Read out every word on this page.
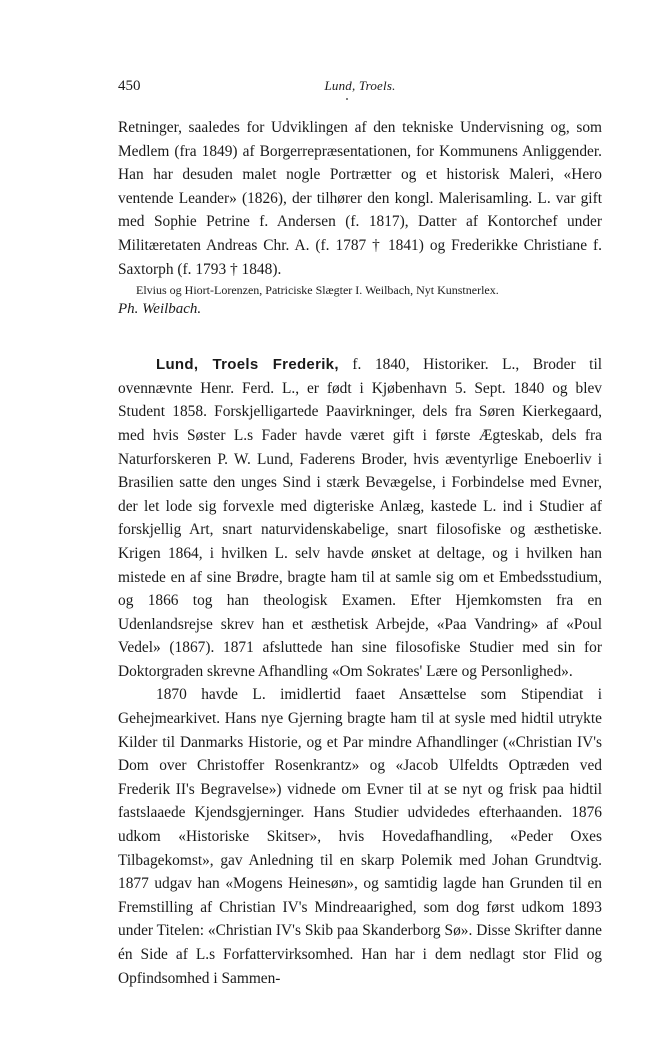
450	Lund, Troels.

Retninger, saaledes for Udviklingen af den tekniske Undervisning og, som Medlem (fra 1849) af Borgerrepræsentationen, for Kommunens Anliggender. Han har desuden malet nogle Portrætter og et historisk Maleri, «Hero ventende Leander» (1826), der tilhører den kongl. Malerisamling. L. var gift med Sophie Petrine f. Andersen (f. 1817), Datter af Kontorchef under Militæretaten Andreas Chr. A. (f. 1787 † 1841) og Frederikke Christiane f. Saxtorph (f. 1793 † 1848).

Elvius og Hiort-Lorenzen, Patriciske Slægter I. Weilbach, Nyt Kunstnerlex.

Ph. Weilbach.

Lund, Troels Frederik, f. 1840, Historiker. L., Broder til ovennævnte Henr. Ferd. L., er født i Kjøbenhavn 5. Sept. 1840 og blev Student 1858. Forskjelligartede Paavirkninger, dels fra Søren Kierkegaard, med hvis Søster L.s Fader havde været gift i første Ægteskab, dels fra Naturforskeren P. W. Lund, Faderens Broder, hvis æventyrlige Eneboerliv i Brasilien satte den unges Sind i stærk Bevægelse, i Forbindelse med Evner, der let lode sig forvexle med digteriske Anlæg, kastede L. ind i Studier af forskjellig Art, snart naturvidenskabelige, snart filosofiske og æsthetiske. Krigen 1864, i hvilken L. selv havde ønsket at deltage, og i hvilken han mistede en af sine Brødre, bragte ham til at samle sig om et Embedsstudium, og 1866 tog han theologisk Examen. Efter Hjemkomsten fra en Udenlandsrejse skrev han et æsthetisk Arbejde, «Paa Vandring» af «Poul Vedel» (1867). 1871 afsluttede han sine filosofiske Studier med sin for Doktorgraden skrevne Afhandling «Om Sokrates' Lære og Personlighed».

1870 havde L. imidlertid faaet Ansættelse som Stipendiat i Gehejmearkivet. Hans nye Gjerning bragte ham til at sysle med hidtil utrykte Kilder til Danmarks Historie, og et Par mindre Afhandlinger («Christian IV's Dom over Christoffer Rosenkrantz» og «Jacob Ulfeldts Optræden ved Frederik II's Begravelse») vidnede om Evner til at se nyt og frisk paa hidtil fastslaaede Kjendsgjerninger. Hans Studier udvidedes efterhaanden. 1876 udkom «Historiske Skitser», hvis Hovedafhandling, «Peder Oxes Tilbagekomst», gav Anledning til en skarp Polemik med Johan Grundtvig. 1877 udgav han «Mogens Heinesøn», og samtidig lagde han Grunden til en Fremstilling af Christian IV's Mindreaarighed, som dog først udkom 1893 under Titelen: «Christian IV's Skib paa Skanderborg Sø». Disse Skrifter danne én Side af L.s Forfattervirksomhed. Han har i dem nedlagt stor Flid og Opfindsomhed i Sammen-
